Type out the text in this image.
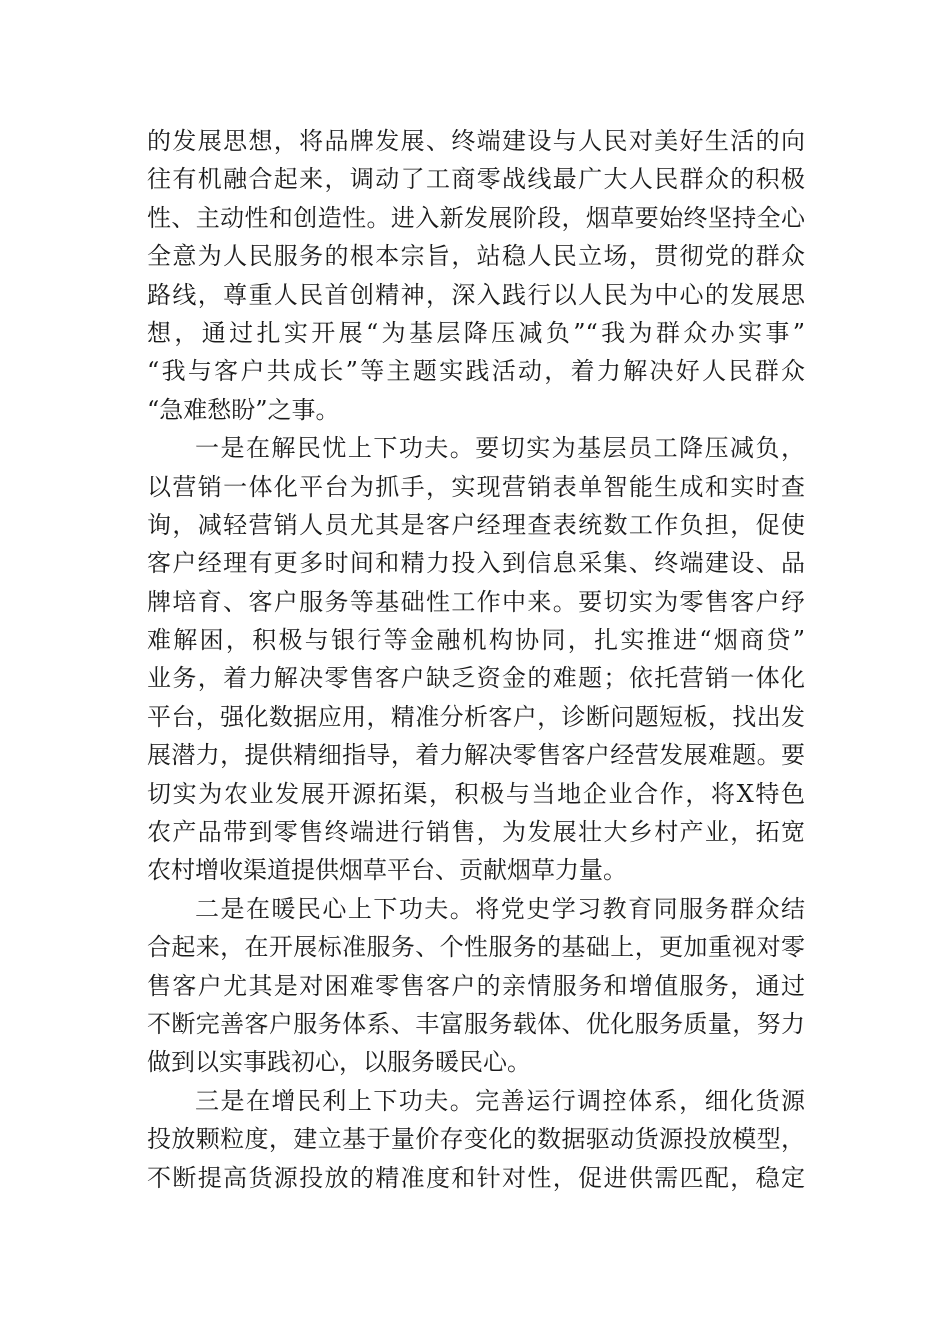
的发展思想，将品牌发展、终端建设与人民对美好生活的向
往有机融合起来，调动了工商零战线最广大人民群众的积极
性、主动性和创造性。进入新发展阶段，烟草要始终坚持全心
全意为人民服务的根本宗旨，站稳人民立场，贯彻党的群众
路线，尊重人民首创精神，深入践行以人民为中心的发展思
想，通过扎实开展“为基层降压减负”“我为群众办实事”
“我与客户共成长”等主题实践活动，着力解决好人民群众
“急难愁盼”之事。
一是在解民忧上下功夫。要切实为基层员工降压减负，
以营销一体化平台为抓手，实现营销表单智能生成和实时查
询，减轻营销人员尤其是客户经理查表统数工作负担，促使
客户经理有更多时间和精力投入到信息采集、终端建设、品
牌培育、客户服务等基础性工作中来。要切实为零售客户纾
难解困，积极与银行等金融机构协同，扎实推进“烟商贷”
业务，着力解决零售客户缺乏资金的难题；依托营销一体化
平台，强化数据应用，精准分析客户，诊断问题短板，找出发
展潜力，提供精细指导，着力解决零售客户经营发展难题。要
切实为农业发展开源拓渠，积极与当地企业合作，将X特色
农产品带到零售终端进行销售，为发展壮大乡村产业，拓宽
农村增收渠道提供烟草平台、贡献烟草力量。
二是在暖民心上下功夫。将党史学习教育同服务群众结
合起来，在开展标准服务、个性服务的基础上，更加重视对零
售客户尤其是对困难零售客户的亲情服务和增值服务，通过
不断完善客户服务体系、丰富服务载体、优化服务质量，努力
做到以实事践初心，以服务暖民心。
三是在增民利上下功夫。完善运行调控体系，细化货源
投放颗粒度，建立基于量价存变化的数据驱动货源投放模型，
不断提高货源投放的精准度和针对性，促进供需匹配，稳定
